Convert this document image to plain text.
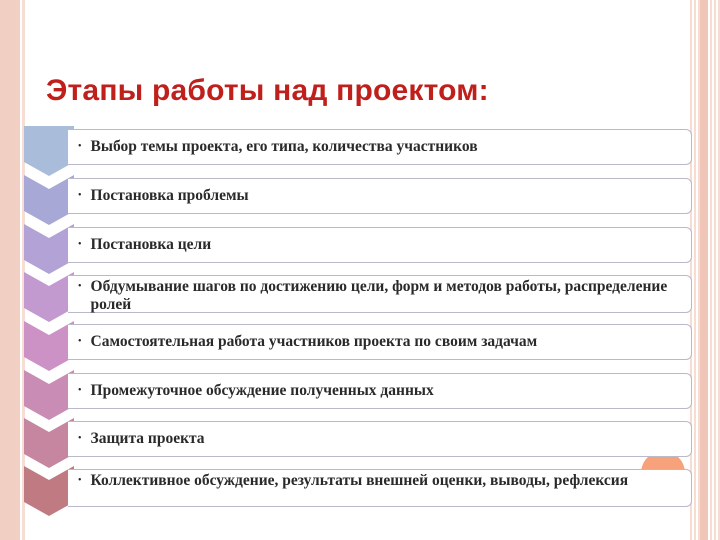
Этапы работы над проектом:
• Выбор темы проекта, его типа, количества участников
• Постановка проблемы
• Постановка цели
• Обдумывание шагов по достижению цели, форм и методов работы, распределение ролей
• Самостоятельная работа участников проекта по своим задачам
• Промежуточное обсуждение полученных данных
• Защита проекта
• Коллективное обсуждение, результаты внешней оценки, выводы, рефлексия
